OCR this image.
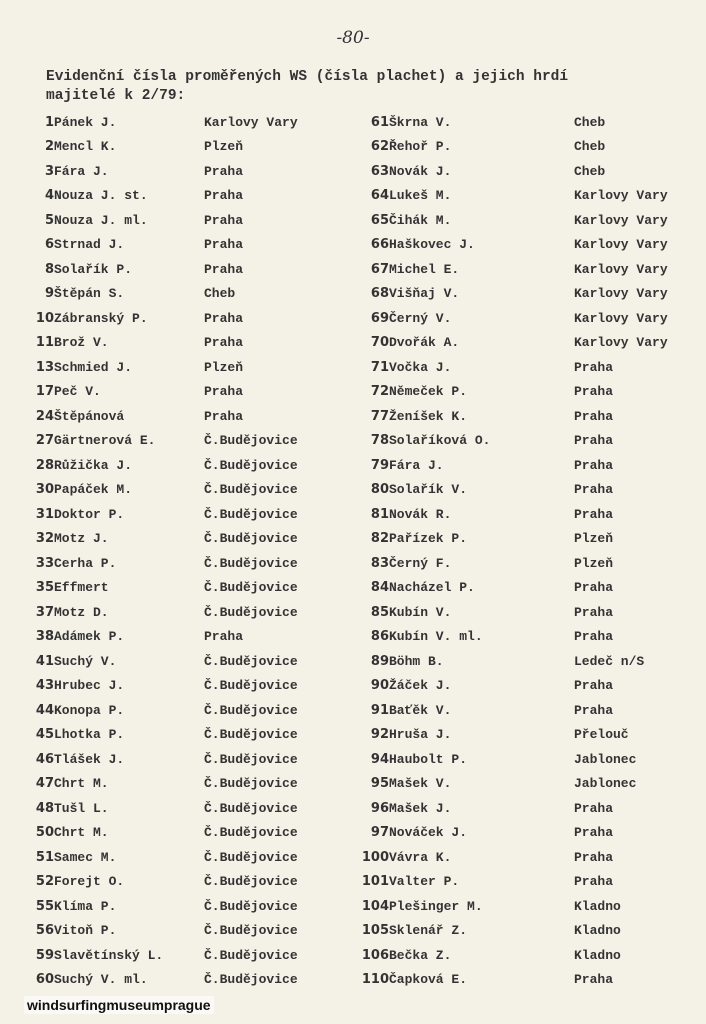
-80-
Evidenční čísla proměřených WS (čísla plachet) a jejich hrdí
majitelé k 2/79:
1	Pánek J.	Karlovy Vary	61	Škrna V.	Cheb
2	Mencl K.	Plzeň	62	Řehoř P.	Cheb
3	Fára J.	Praha	63	Novák J.	Cheb
4	Nouza J. st.	Praha	64	Lukeš M.	Karlovy Vary
5	Nouza J. ml.	Praha	65	Čihák M.	Karlovy Vary
6	Strnad J.	Praha	66	Haškovec J.	Karlovy Vary
8	Solařík P.	Praha	67	Michel E.	Karlovy Vary
9	Štěpán S.	Cheb	68	Višňaj V.	Karlovy Vary
10	Zábranský P.	Praha	69	Černý V.	Karlovy Vary
11	Brož V.	Praha	70	Dvořák A.	Karlovy Vary
13	Schmied J.	Plzeň	71	Vočka J.	Praha
17	Peč V.	Praha	72	Němeček P.	Praha
24	Štěpánová	Praha	77	Ženíšek K.	Praha
27	Gärtnerová E.	Č.Budějovice	78	Solaříková O.	Praha
28	Růžička J.	Č.Budějovice	79	Fára J.	Praha
30	Papáček M.	Č.Budějovice	80	Solařík V.	Praha
31	Doktor P.	Č.Budějovice	81	Novák R.	Praha
32	Motz J.	Č.Budějovice	82	Pařízek P.	Plzeň
33	Cerha P.	Č.Budějovice	83	Černý F.	Plzeň
35	Effmert	Č.Budějovice	84	Nacházel P.	Praha
37	Motz D.	Č.Budějovice	85	Kubín V.	Praha
38	Adámek P.	Praha	86	Kubín V. ml.	Praha
41	Suchý V.	Č.Budějovice	89	Böhm B.	Ledeč n/S
43	Hrubec J.	Č.Budějovice	90	Žáček J.	Praha
44	Konopa P.	Č.Budějovice	91	Baťěk V.	Praha
45	Lhotka P.	Č.Budějovice	92	Hruša J.	Přelouč
46	Tlášek J.	Č.Budějovice	94	Haubolt P.	Jablonec
47	Chrt M.	Č.Budějovice	95	Mašek V.	Jablonec
48	Tušl L.	Č.Budějovice	96	Mašek J.	Praha
50	Chrt M.	Č.Budějovice	97	Nováček J.	Praha
51	Samec M.	Č.Budějovice	100	Vávra K.	Praha
52	Forejt O.	Č.Budějovice	101	Valter P.	Praha
55	Klíma P.	Č.Budějovice	104	Plešinger M.	Kladno
56	Vitoň P.	Č.Budějovice	105	Sklenář Z.	Kladno
59	Slavětínský L.	Č.Budějovice	106	Bečka Z.	Kladno
60	Suchý V. ml.	Č.Budějovice	110	Čapková E.	Praha
windsurfingmuseumprague
